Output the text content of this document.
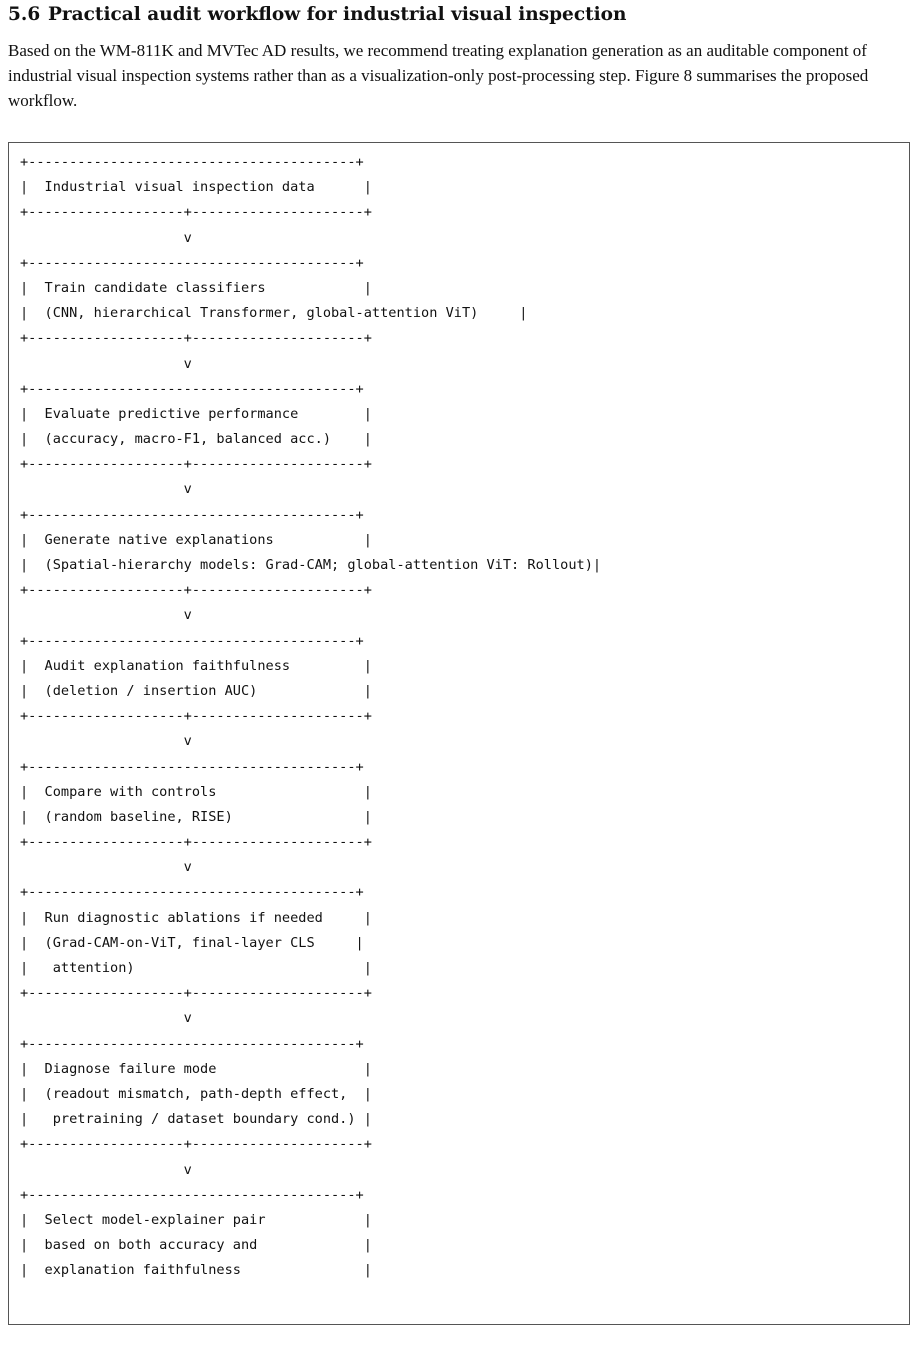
5.6 Practical audit workflow for industrial visual inspection

Based on the WM-811K and MVTec AD results, we recommend treating explanation generation as an auditable component of industrial visual inspection systems rather than as a visualization-only post-processing step. Figure 8 summarises the proposed workflow.

+----------------------------------------+
|  Industrial visual inspection data      |
+-------------------+---------------------+
v
+----------------------------------------+
|  Train candidate classifiers            |
|  (CNN, hierarchical Transformer, global-attention ViT)     |
+-------------------+---------------------+
v
+----------------------------------------+
|  Evaluate predictive performance        |
|  (accuracy, macro-F1, balanced acc.)    |
+-------------------+---------------------+
v
+----------------------------------------+
|  Generate native explanations           |
|  (Spatial-hierarchy models: Grad-CAM; global-attention ViT: Rollout)|
+-------------------+---------------------+
v
+----------------------------------------+
|  Audit explanation faithfulness         |
|  (deletion / insertion AUC)             |
+-------------------+---------------------+
v
+----------------------------------------+
|  Compare with controls                  |
|  (random baseline, RISE)                |
+-------------------+---------------------+
v
+----------------------------------------+
|  Run diagnostic ablations if needed     |
|  (Grad-CAM-on-ViT, final-layer CLS     |
|   attention)                            |
+-------------------+---------------------+
v
+----------------------------------------+
|  Diagnose failure mode                  |
|  (readout mismatch, path-depth effect,  |
|   pretraining / dataset boundary cond.) |
+-------------------+---------------------+
v
+----------------------------------------+
|  Select model-explainer pair            |
|  based on both accuracy and             |
|  explanation faithfulness               |
